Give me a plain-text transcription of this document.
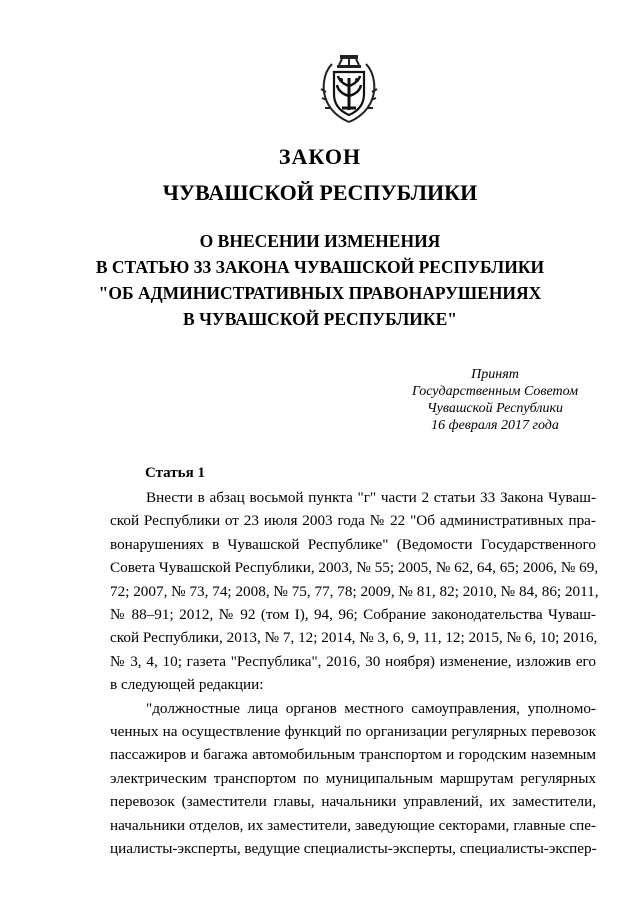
ЗАКОН
ЧУВАШСКОЙ РЕСПУБЛИКИ
О ВНЕСЕНИИ ИЗМЕНЕНИЯ
В СТАТЬЮ 33 ЗАКОНА ЧУВАШСКОЙ РЕСПУБЛИКИ
"ОБ АДМИНИСТРАТИВНЫХ ПРАВОНАРУШЕНИЯХ
В ЧУВАШСКОЙ РЕСПУБЛИКЕ"
Принят
Государственным Советом
Чувашской Республики
16 февраля 2017 года
Статья 1
Внести в абзац восьмой пункта "г" части 2 статьи 33 Закона Чуваш-
ской Республики от 23 июля 2003 года № 22 "Об административных пра-
вонарушениях в Чувашской Республике" (Ведомости Государственного
Совета Чувашской Республики, 2003, № 55; 2005, № 62, 64, 65; 2006, № 69,
72; 2007, № 73, 74; 2008, № 75, 77, 78; 2009, № 81, 82; 2010, № 84, 86; 2011,
№ 88–91; 2012, № 92 (том I), 94, 96; Собрание законодательства Чуваш-
ской Республики, 2013, № 7, 12; 2014, № 3, 6, 9, 11, 12; 2015, № 6, 10; 2016,
№ 3, 4, 10; газета "Республика", 2016, 30 ноября) изменение, изложив его
в следующей редакции:
"должностные лица органов местного самоуправления, уполномо-
ченных на осуществление функций по организации регулярных перевозок
пассажиров и багажа автомобильным транспортом и городским наземным
электрическим транспортом по муниципальным маршрутам регулярных
перевозок (заместители главы, начальники управлений, их заместители,
начальники отделов, их заместители, заведующие секторами, главные спе-
циалисты-эксперты, ведущие специалисты-эксперты, специалисты-экспер-
